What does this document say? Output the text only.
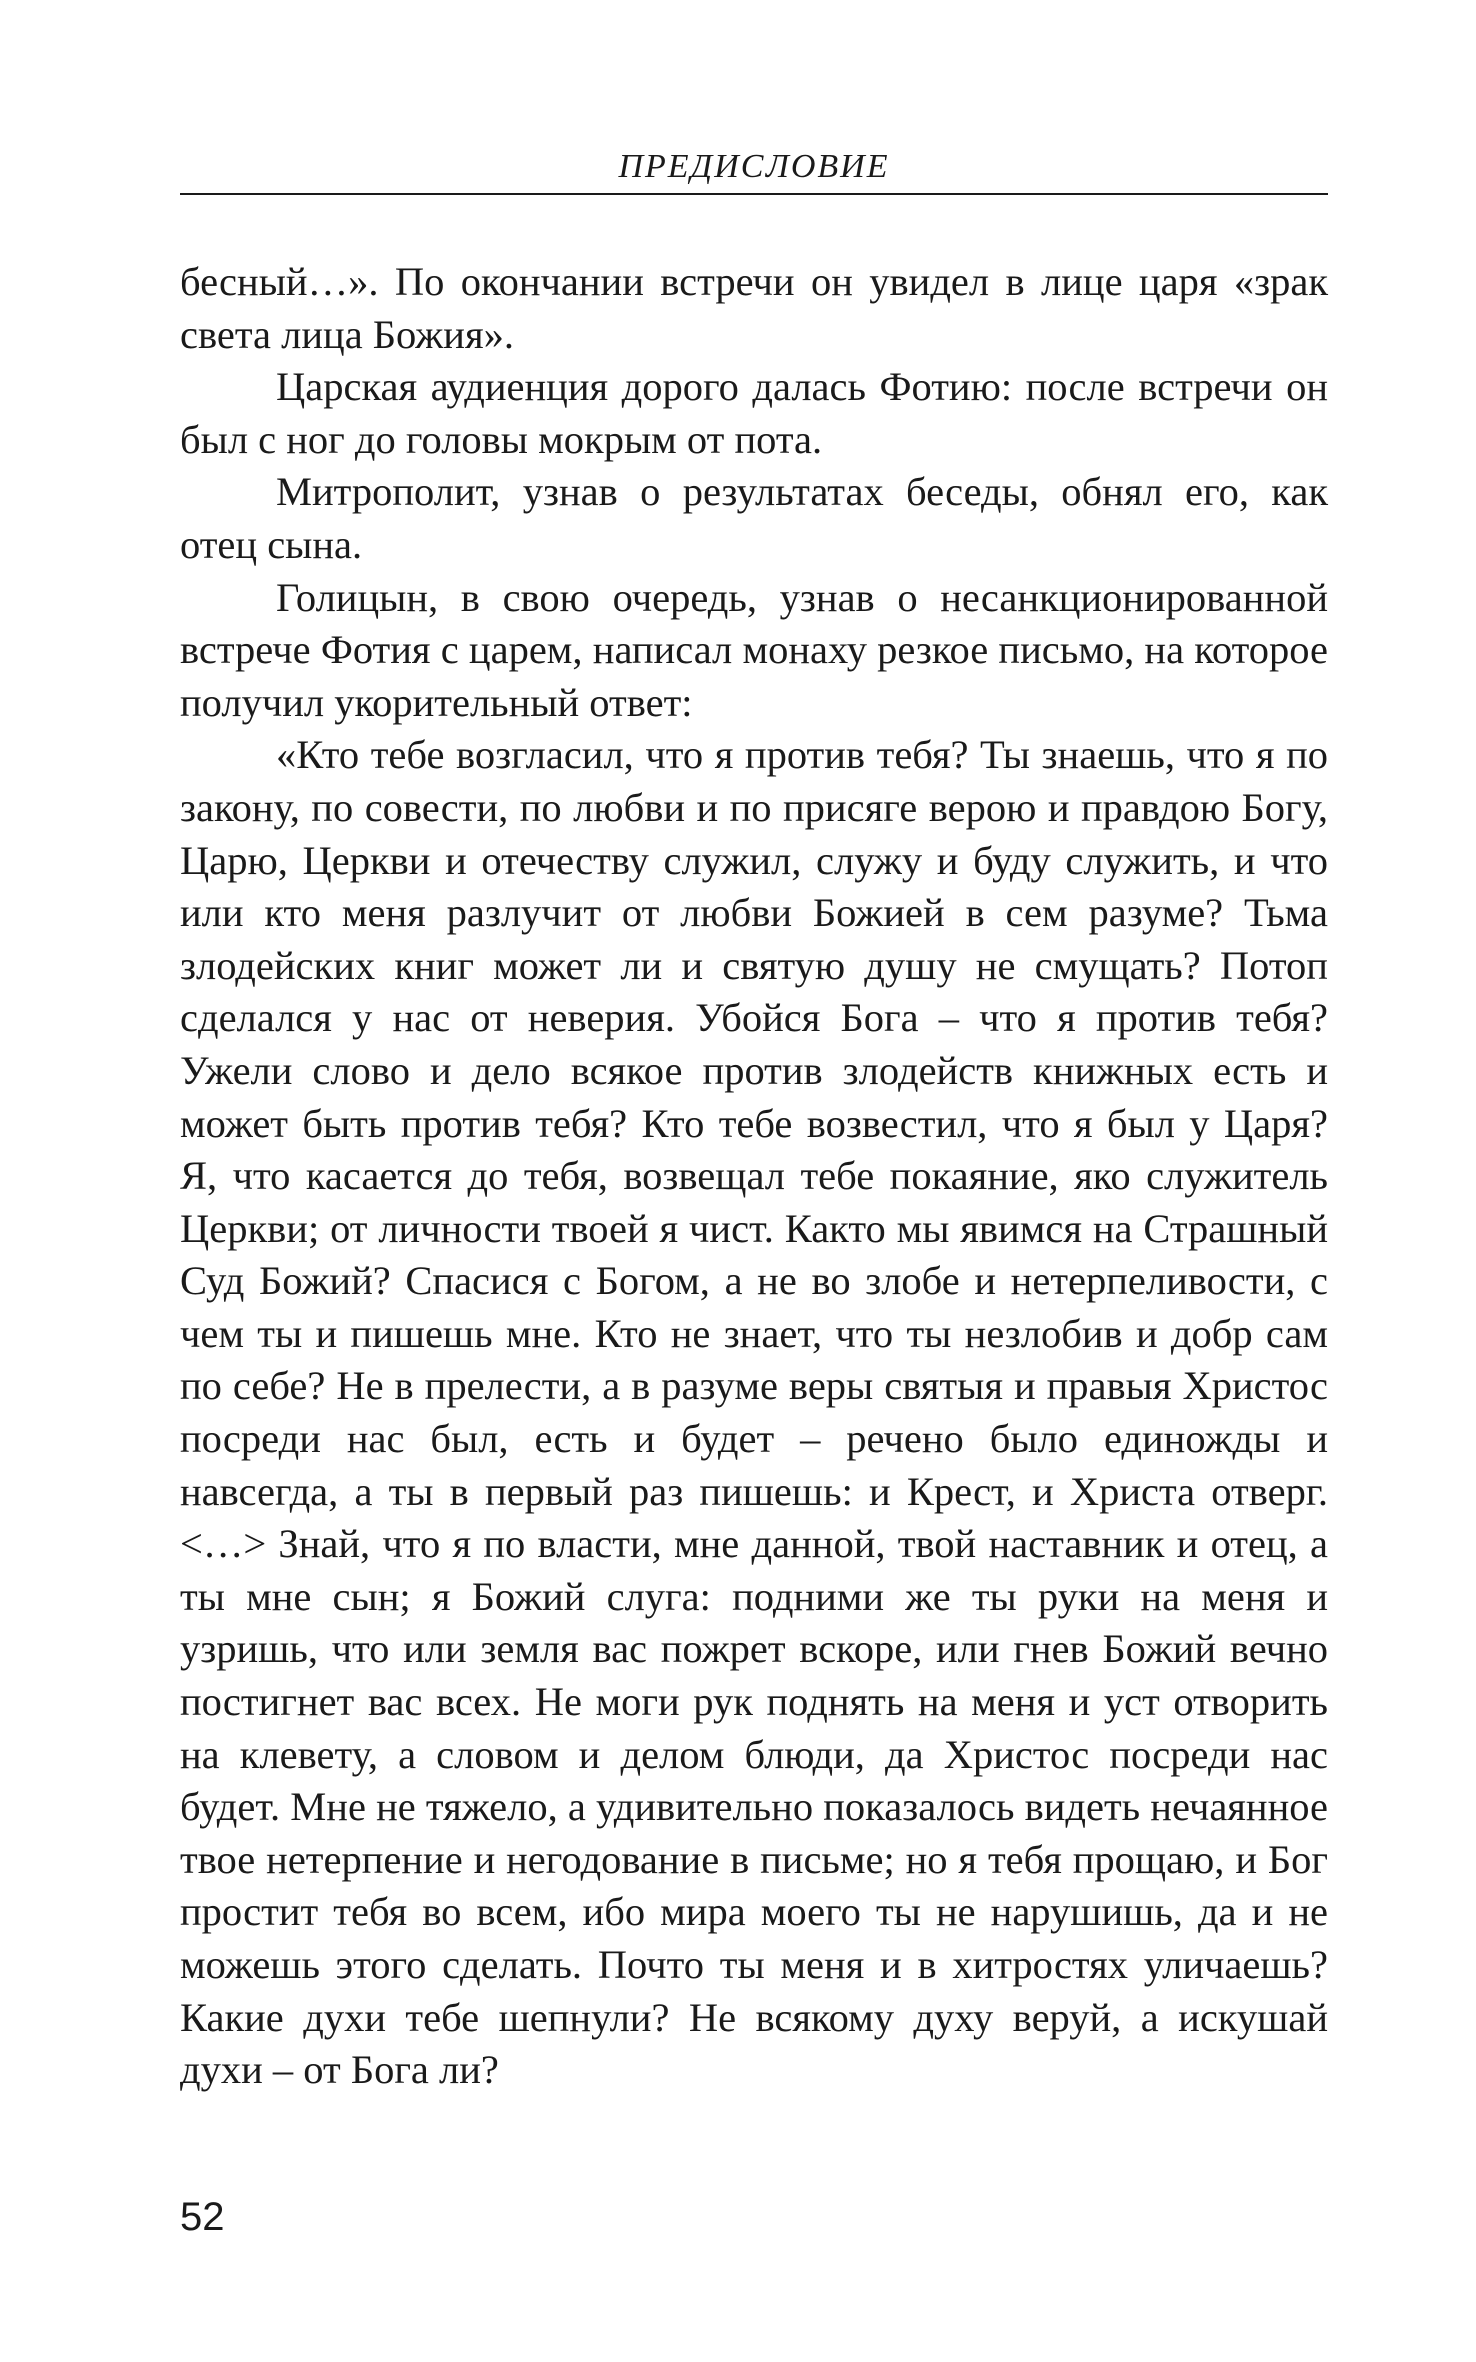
ПРЕДИСЛОВИЕ

бесный…». По окончании встречи он увидел в лице царя «зрак света лица Божия».

Царская аудиенция дорого далась Фотию: после встречи он был с ног до головы мокрым от пота.

Митрополит, узнав о результатах беседы, обнял его, как отец сына.

Голицын, в свою очередь, узнав о несанкционированной встрече Фотия с царем, написал монаху резкое письмо, на которое получил укорительный ответ:

«Кто тебе возгласил, что я против тебя? Ты знаешь, что я по закону, по совести, по любви и по присяге верою и правдою Богу, Царю, Церкви и отечеству служил, служу и буду служить, и что или кто меня разлучит от любви Божией в сем разуме? Тьма злодейских книг может ли и святую душу не смущать? Потоп сделался у нас от неверия. Убойся Бога – что я против тебя? Ужели слово и дело всякое против злодейств книжных есть и может быть против тебя? Кто тебе возвестил, что я был у Царя? Я, что касается до тебя, возвещал тебе покаяние, яко служитель Церкви; от личности твоей я чист. Както мы явимся на Страшный Суд Божий? Спасися с Богом, а не во злобе и нетерпеливости, с чем ты и пишешь мне. Кто не знает, что ты незлобив и добр сам по себе? Не в прелести, а в разуме веры святыя и правыя Христос посреди нас был, есть и будет – речено было единожды и навсегда, а ты в первый раз пишешь: и Крест, и Христа отверг. <…> Знай, что я по власти, мне данной, твой наставник и отец, а ты мне сын; я Божий слуга: подними же ты руки на меня и узришь, что или земля вас пожрет вскоре, или гнев Божий вечно постигнет вас всех. Не моги рук поднять на меня и уст отворить на клевету, а словом и делом блюди, да Христос посреди нас будет. Мне не тяжело, а удивительно показалось видеть нечаянное твое нетерпение и негодование в письме; но я тебя прощаю, и Бог простит тебя во всем, ибо мира моего ты не нарушишь, да и не можешь этого сделать. Почто ты меня и в хитростях уличаешь? Какие духи тебе шепнули? Не всякому духу веруй, а искушай духи – от Бога ли?

52
